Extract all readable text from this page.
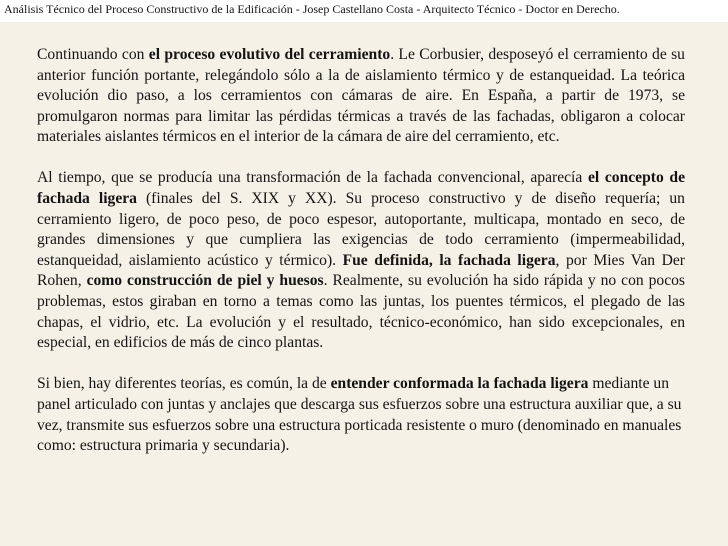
Análisis Técnico del Proceso Constructivo de la Edificación - Josep Castellano Costa - Arquitecto Técnico - Doctor en Derecho.

Continuando con el proceso evolutivo del cerramiento. Le Corbusier, desposeyó el cerramiento de su anterior función portante, relegándolo sólo a la de aislamiento térmico y de estanqueidad. La teórica evolución dio paso, a los cerramientos con cámaras de aire. En España, a partir de 1973, se promulgaron normas para limitar las pérdidas térmicas a través de las fachadas, obligaron a colocar materiales aislantes térmicos en el interior de la cámara de aire del cerramiento, etc.

Al tiempo, que se producía una transformación de la fachada convencional, aparecía el concepto de fachada ligera (finales del S. XIX y XX). Su proceso constructivo y de diseño requería; un cerramiento ligero, de poco peso, de poco espesor, autoportante, multicapa, montado en seco, de grandes dimensiones y que cumpliera las exigencias de todo cerramiento (impermeabilidad, estanqueidad, aislamiento acústico y térmico). Fue definida, la fachada ligera, por Mies Van Der Rohen, como construcción de piel y huesos. Realmente, su evolución ha sido rápida y no con pocos problemas, estos giraban en torno a temas como las juntas, los puentes térmicos, el plegado de las chapas, el vidrio, etc. La evolución y el resultado, técnico-económico, han sido excepcionales, en especial, en edificios de más de cinco plantas.

Si bien, hay diferentes teorías, es común, la de entender conformada la fachada ligera mediante un panel articulado con juntas y anclajes que descarga sus esfuerzos sobre una estructura auxiliar que, a su vez, transmite sus esfuerzos sobre una estructura porticada resistente o muro (denominado en manuales como: estructura primaria y secundaria).
